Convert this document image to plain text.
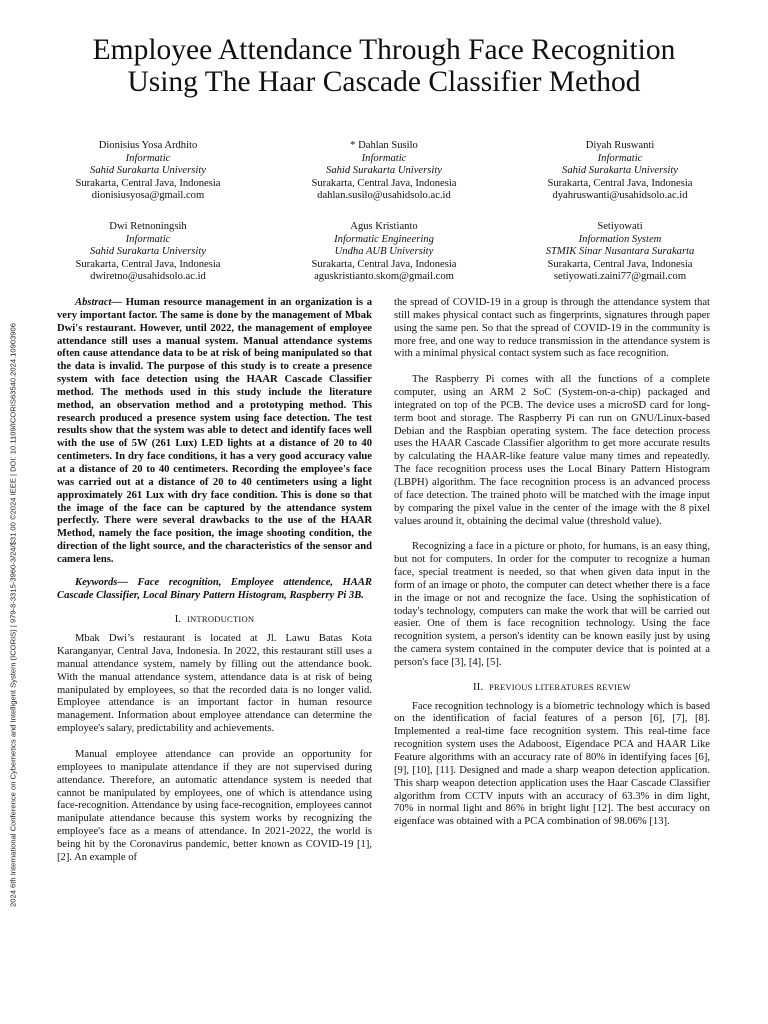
2024 6th International Conference on Cybernetics and Intelligent System (ICORIS) | 979-8-3315-3960-3/24/$31.00 ©2024 IEEE | DOI: 10.1109/ICORIS63540.2024.10903906
Employee Attendance Through Face Recognition
Using The Haar Cascade Classifier Method
Dionisius Yosa Ardhito
Informatic
Sahid Surakarta University
Surakarta, Central Java, Indonesia
dionisiusyosa@gmail.com
* Dahlan Susilo
Informatic
Sahid Surakarta University
Surakarta, Central Java, Indonesia
dahlan.susilo@usahidsolo.ac.id
Diyah Ruswanti
Informatic
Sahid Surakarta University
Surakarta, Central Java, Indonesia
dyahruswanti@usahidsolo.ac.id
Dwi Retnoningsih
Informatic
Sahid Surakarta University
Surakarta, Central Java, Indonesia
dwiretno@usahidsolo.ac.id
Agus Kristianto
Informatic Engineering
Undha AUB University
Surakarta, Central Java, Indonesia
aguskristianto.skom@gmail.com
Setiyowati
Information System
STMIK Sinar Nusantara Surakarta
Surakarta, Central Java, Indonesia
setiyowati.zaini77@gmail.com

Abstract— Human resource management in an organization is a very important factor. The same is done by the management of Mbak Dwi's restaurant. However, until 2022, the management of employee attendance still uses a manual system. Manual attendance systems often cause attendance data to be at risk of being manipulated so that the data is invalid. The purpose of this study is to create a presence system with face detection using the HAAR Cascade Classifier method. The methods used in this study include the literature method, an observation method and a prototyping method. This research produced a presence system using face detection. The test results show that the system was able to detect and identify faces well with the use of 5W (261 Lux) LED lights at a distance of 20 to 40 centimeters. In dry face conditions, it has a very good accuracy value at a distance of 20 to 40 centimeters. Recording the employee's face was carried out at a distance of 20 to 40 centimeters using a light approximately 261 Lux with dry face condition. This is done so that the image of the face can be captured by the attendance system perfectly. There were several drawbacks to the use of the HAAR Method, namely the face position, the image shooting condition, the direction of the light source, and the characteristics of the sensor and camera lens.

Keywords— Face recognition, Employee attendence, HAAR Cascade Classifier, Local Binary Pattern Histogram, Raspberry Pi 3B.

I. INTRODUCTION

Mbak Dwi’s restaurant is located at Jl. Lawu Batas Kota Karanganyar, Central Java, Indonesia. In 2022, this restaurant still uses a manual attendance system, namely by filling out the attendance book. With the manual attendance system, attendance data is at risk of being manipulated by employees, so that the recorded data is no longer valid. Employee attendance is an important factor in human resource management. Information about employee attendance can determine the employee's salary, predictability and achievements.

Manual employee attendance can provide an opportunity for employees to manipulate attendance if they are not supervised during attendance. Therefore, an automatic attendance system is needed that cannot be manipulated by employees, one of which is attendance using face-recognition. Attendance by using face-recognition, employees cannot manipulate attendance because this system works by recognizing the employee's face as a means of attendance. In 2021-2022, the world is being hit by the Coronavirus pandemic, better known as COVID-19 [1], [2]. An example of

the spread of COVID-19 in a group is through the attendance system that still makes physical contact such as fingerprints, signatures through paper using the same pen. So that the spread of COVID-19 in the community is more free, and one way to reduce transmission in the attendance system is with a minimal physical contact system such as face recognition.

The Raspberry Pi comes with all the functions of a complete computer, using an ARM 2 SoC (System-on-a-chip) packaged and integrated on top of the PCB. The device uses a microSD card for long-term boot and storage. The Raspberry Pi can run on GNU/Linux-based Debian and the Raspbian operating system. The face detection process uses the HAAR Cascade Classifier algorithm to get more accurate results by calculating the HAAR-like feature value many times and repeatedly. The face recognition process uses the Local Binary Pattern Histogram (LBPH) algorithm. The face recognition process is an advanced process of face detection. The trained photo will be matched with the image input by comparing the pixel value in the center of the image with the 8 pixel values around it, obtaining the decimal value (threshold value).

Recognizing a face in a picture or photo, for humans, is an easy thing, but not for computers. In order for the computer to recognize a human face, special treatment is needed, so that when given data input in the form of an image or photo, the computer can detect whether there is a face in the image or not and recognize the face. Using the sophistication of today's technology, computers can make the work that will be carried out easier. One of them is face recognition technology. Using the face recognition system, a person's identity can be known easily just by using the camera system contained in the computer device that is pointed at a person's face [3], [4], [5].

II. PREVIOUS LITERATURES REVIEW

Face recognition technology is a biometric technology which is based on the identification of facial features of a person [6], [7], [8]. Implemented a real-time face recognition system. This real-time face recognition system uses the Adaboost, Eigendace PCA and HAAR Like Feature algorithms with an accuracy rate of 80% in identifying faces [6], [9], [10], [11]. Designed and made a sharp weapon detection application. This sharp weapon detection application uses the Haar Cascade Classifier algorithm from CCTV inputs with an accuracy of 63.3% in dim light, 70% in normal light and 86% in bright light [12]. The best accuracy on eigenface was obtained with a PCA combination of 98.06% [13].
